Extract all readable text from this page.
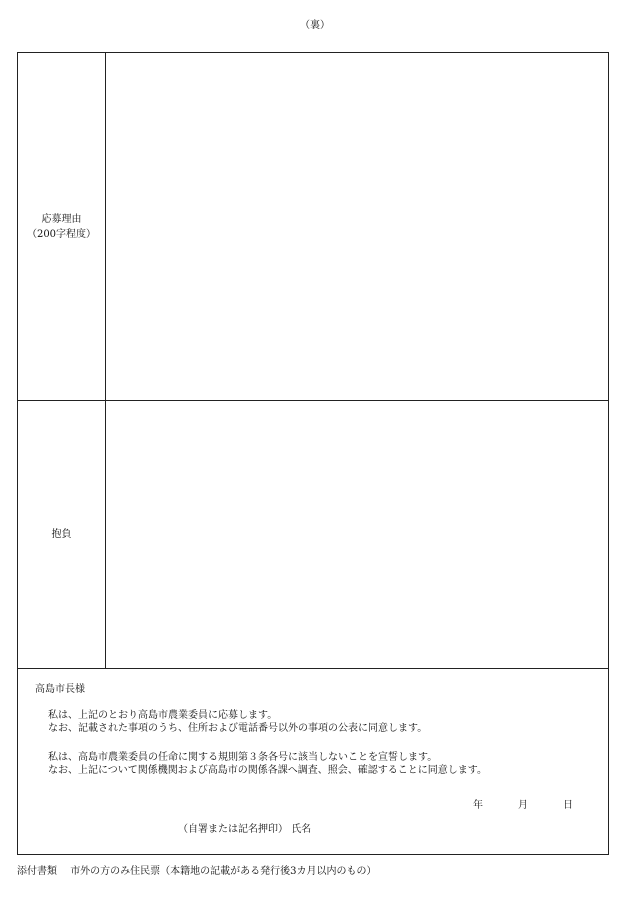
（裏）
応募理由
（200字程度）
抱負
高島市長様
私は、上記のとおり高島市農業委員に応募します。
なお、記載された事項のうち、住所および電話番号以外の事項の公表に同意します。
私は、高島市農業委員の任命に関する規則第３条各号に該当しないことを宣誓します。
なお、上記について関係機関および高島市の関係各課へ調査、照会、確認することに同意します。
年	月	日
（自署または記名押印） 氏名
添付書類 市外の方のみ住民票（本籍地の記載がある発行後3カ月以内のもの）
